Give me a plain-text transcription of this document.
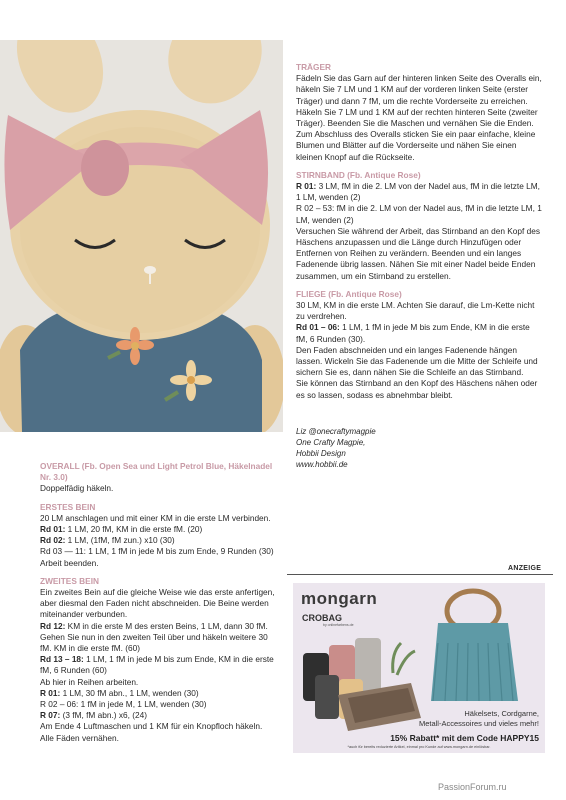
TRÄGER

Fädeln Sie das Garn auf der hinteren linken Seite des Overalls ein, häkeln Sie 7 LM und 1 KM auf der vorderen linken Seite (erster Träger) und dann 7 fM, um die rechte Vorderseite zu erreichen. Häkeln Sie 7 LM und 1 KM auf der rechten hinteren Seite (zweiter Träger). Beenden Sie die Maschen und vernähen Sie die Enden.

Zum Abschluss des Overalls sticken Sie ein paar einfache, kleine Blumen und Blätter auf die Vorderseite und nähen Sie einen kleinen Knopf auf die Rückseite.

STIRNBAND (Fb. Antique Rose)

R 01: 3 LM, fM in die 2. LM von der Nadel aus, fM in die letzte LM, 1 LM, wenden (2)

R 02 – 53: fM in die 2. LM von der Nadel aus, fM in die letzte LM, 1 LM, wenden (2)

Versuchen Sie während der Arbeit, das Stirnband an den Kopf des Häschens anzupassen und die Länge durch Hinzufügen oder Entfernen von Reihen zu verändern. Beenden und ein langes Fadenende übrig lassen. Nähen Sie mit einer Nadel beide Enden zusammen, um ein Stirnband zu erstellen.

FLIEGE (Fb. Antique Rose)

30 LM, KM in die erste LM. Achten Sie darauf, die Lm-Kette nicht zu verdrehen.

Rd 01 – 06: 1 LM, 1 fM in jede M bis zum Ende, KM in die erste fM, 6 Runden (30).

Den Faden abschneiden und ein langes Fadenende hängen lassen. Wickeln Sie das Fadenende um die Mitte der Schleife und sichern Sie es, dann nähen Sie die Schleife an das Stirnband.

Sie können das Stirnband an den Kopf des Häschens nähen oder es so lassen, sodass es abnehmbar bleibt.

Liz @onecraftymagpie
One Crafty Magpie,
Hobbii Design
www.hobbii.de

OVERALL (Fb. Open Sea und Light Petrol Blue, Häkelnadel Nr. 3.0)

Doppelfädig häkeln.

ERSTES BEIN

20 LM anschlagen und mit einer KM in die erste LM verbinden.

Rd 01: 1 LM, 20 fM, KM in die erste fM. (20)

Rd 02: 1 LM, (1fM, fM zun.) x10 (30)

Rd 03 — 11: 1 LM, 1 fM in jede M bis zum Ende, 9 Runden (30)

Arbeit beenden.

ZWEITES BEIN

Ein zweites Bein auf die gleiche Weise wie das erste anfertigen, aber diesmal den Faden nicht abschneiden. Die Beine werden miteinander verbunden.

Rd 12: KM in die erste M des ersten Beins, 1 LM, dann 30 fM. Gehen Sie nun in den zweiten Teil über und häkeln weitere 30 fM. KM in die erste fM. (60)

Rd 13 – 18: 1 LM, 1 fM in jede M bis zum Ende, KM in die erste fM, 6 Runden (60)

Ab hier in Reihen arbeiten.

R 01: 1 LM, 30 fM abn., 1 LM, wenden (30)

R 02 – 06: 1 fM in jede M, 1 LM, wenden (30)

R 07: (3 fM, fM abn.) x6, (24)

Am Ende 4 Luftmaschen und 1 KM für ein Knopfloch häkeln. Alle Fäden vernähen.

ANZEIGE
mongarn
CROBAG
by onlinefarbens.de
Häkelsets, Cordgarne,
Metall-Accessoires und vieles mehr!
15% Rabatt* mit dem Code HAPPY15
*auch für bereits reduzierte Artikel, einmal pro Kunde auf www.mongarn.de einlösbar.
PassionForum.ru
